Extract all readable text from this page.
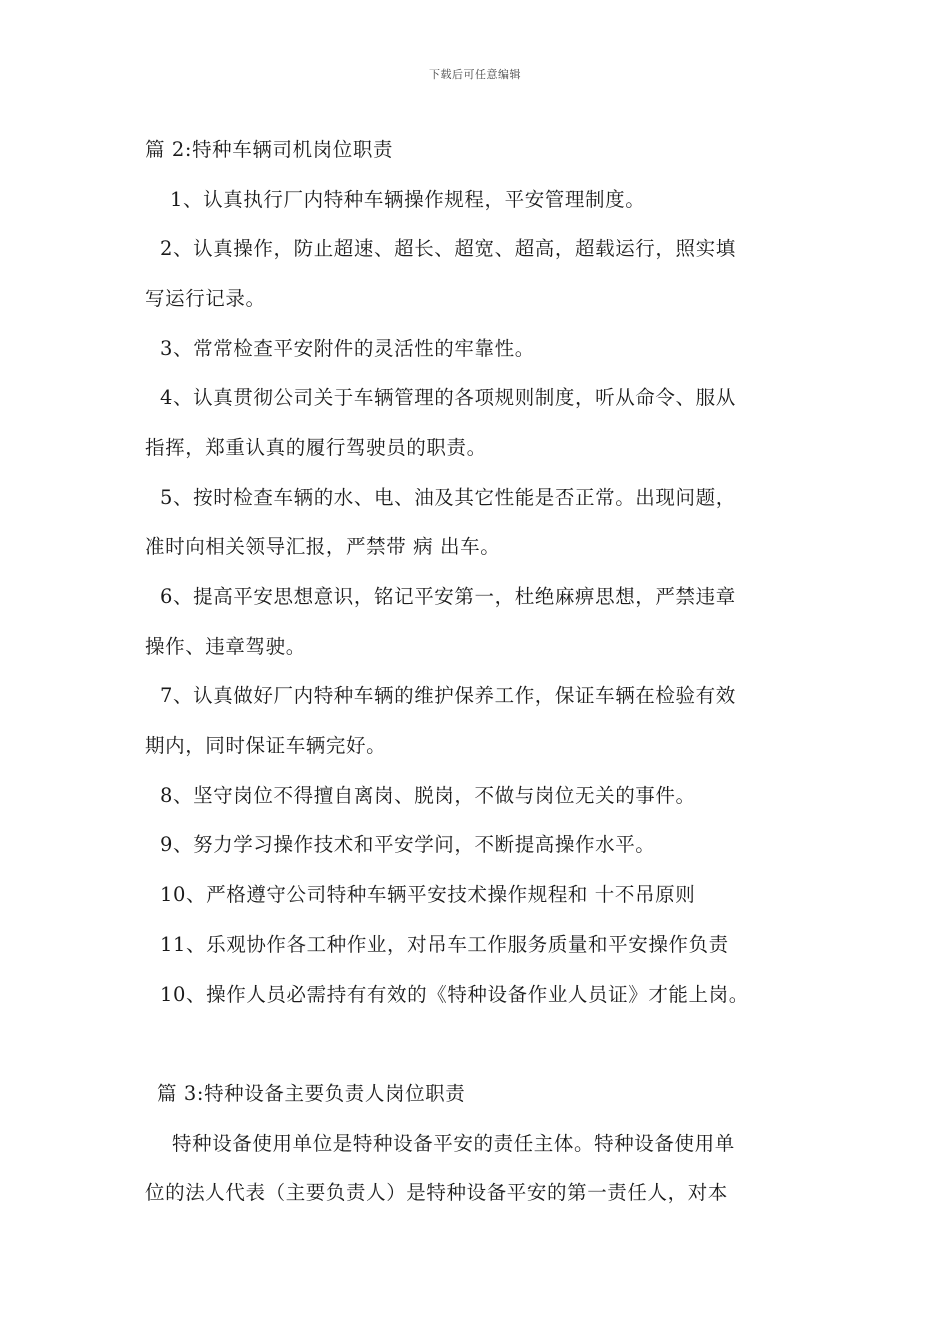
下载后可任意编辑
篇 2:特种车辆司机岗位职责
1、认真执行厂内特种车辆操作规程，平安管理制度。
2、认真操作，防止超速、超长、超宽、超高，超载运行，照实填
写运行记录。
3、常常检查平安附件的灵活性的牢靠性。
4、认真贯彻公司关于车辆管理的各项规则制度，听从命令、服从
指挥，郑重认真的履行驾驶员的职责。
5、按时检查车辆的水、电、油及其它性能是否正常。出现问题，
准时向相关领导汇报，严禁带 病 出车。
6、提高平安思想意识，铭记平安第一，杜绝麻痹思想，严禁违章
操作、违章驾驶。
7、认真做好厂内特种车辆的维护保养工作，保证车辆在检验有效
期内，同时保证车辆完好。
8、坚守岗位不得擅自离岗、脱岗，不做与岗位无关的事件。
9、努力学习操作技术和平安学问，不断提高操作水平。
10、严格遵守公司特种车辆平安技术操作规程和 十不吊原则
11、乐观协作各工种作业，对吊车工作服务质量和平安操作负责
10、操作人员必需持有有效的《特种设备作业人员证》才能上岗。
篇 3:特种设备主要负责人岗位职责
特种设备使用单位是特种设备平安的责任主体。特种设备使用单
位的法人代表（主要负责人）是特种设备平安的第一责任人，对本
